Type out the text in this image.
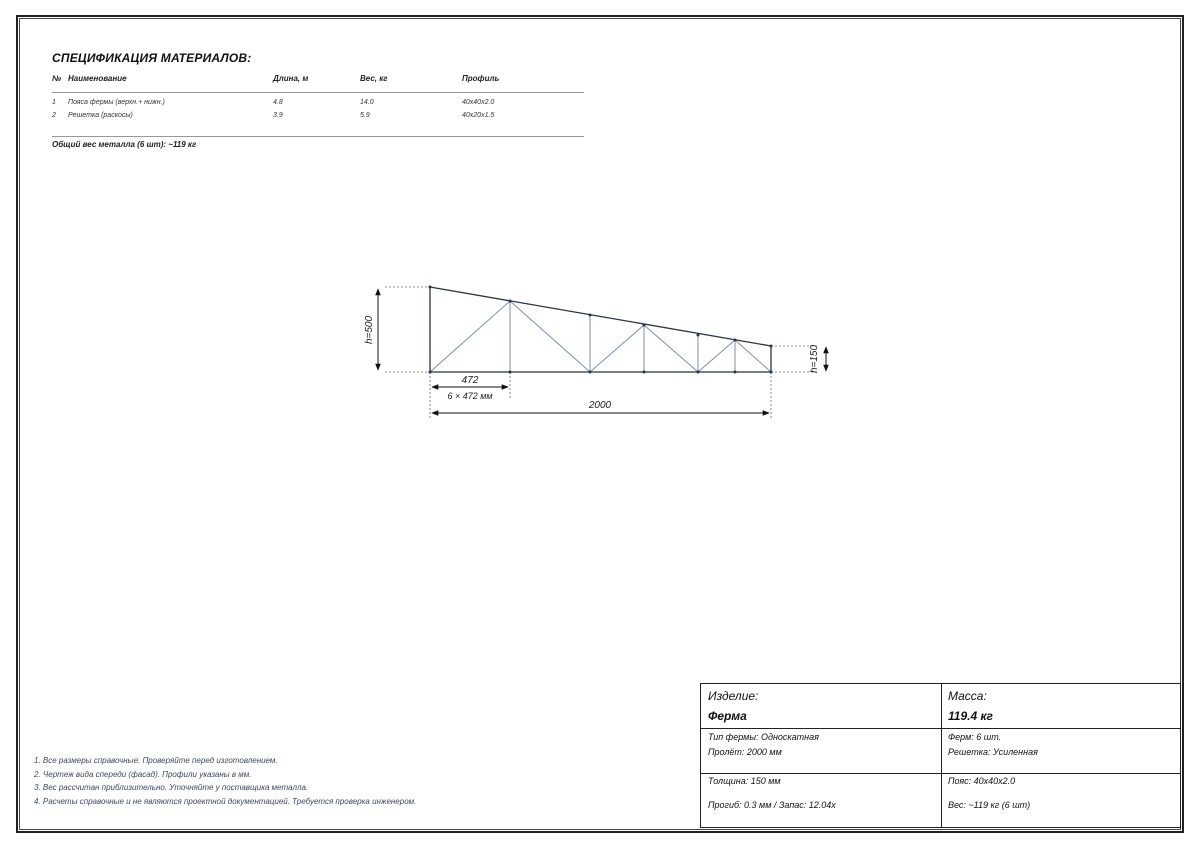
СПЕЦИФИКАЦИЯ МАТЕРИАЛОВ:
№ Наименование	Длина, м	Вес, кг	Профиль
1 Пояса фермы (верхн.+ нижн.)	4.8	14.0	40x40x2.0
2 Решетка (раскосы)	3.9	5.9	40x20x1.5
Общий вес металла (6 шт): ~119 кг
h=500
h=150
472
6 × 472 мм
2000
1. Все размеры справочные. Проверяйте перед изготовлением.
2. Чертеж вида спереди (фасад). Профили указаны в мм.
3. Вес рассчитан приблизительно. Уточняйте у поставщика металла.
4. Расчеты справочные и не являются проектной документацией. Требуется проверка инженером.
Изделие:
Ферма
Масса:
119.4 кг
Тип фермы: Односкатная
Пролёт: 2000 мм
Ферм: 6 шт.
Решетка: Усиленная
Толщина: 150 мм
Прогиб: 0.3 мм / Запас: 12.04x
Пояс: 40x40x2.0
Вес: ~119 кг (6 шт)
